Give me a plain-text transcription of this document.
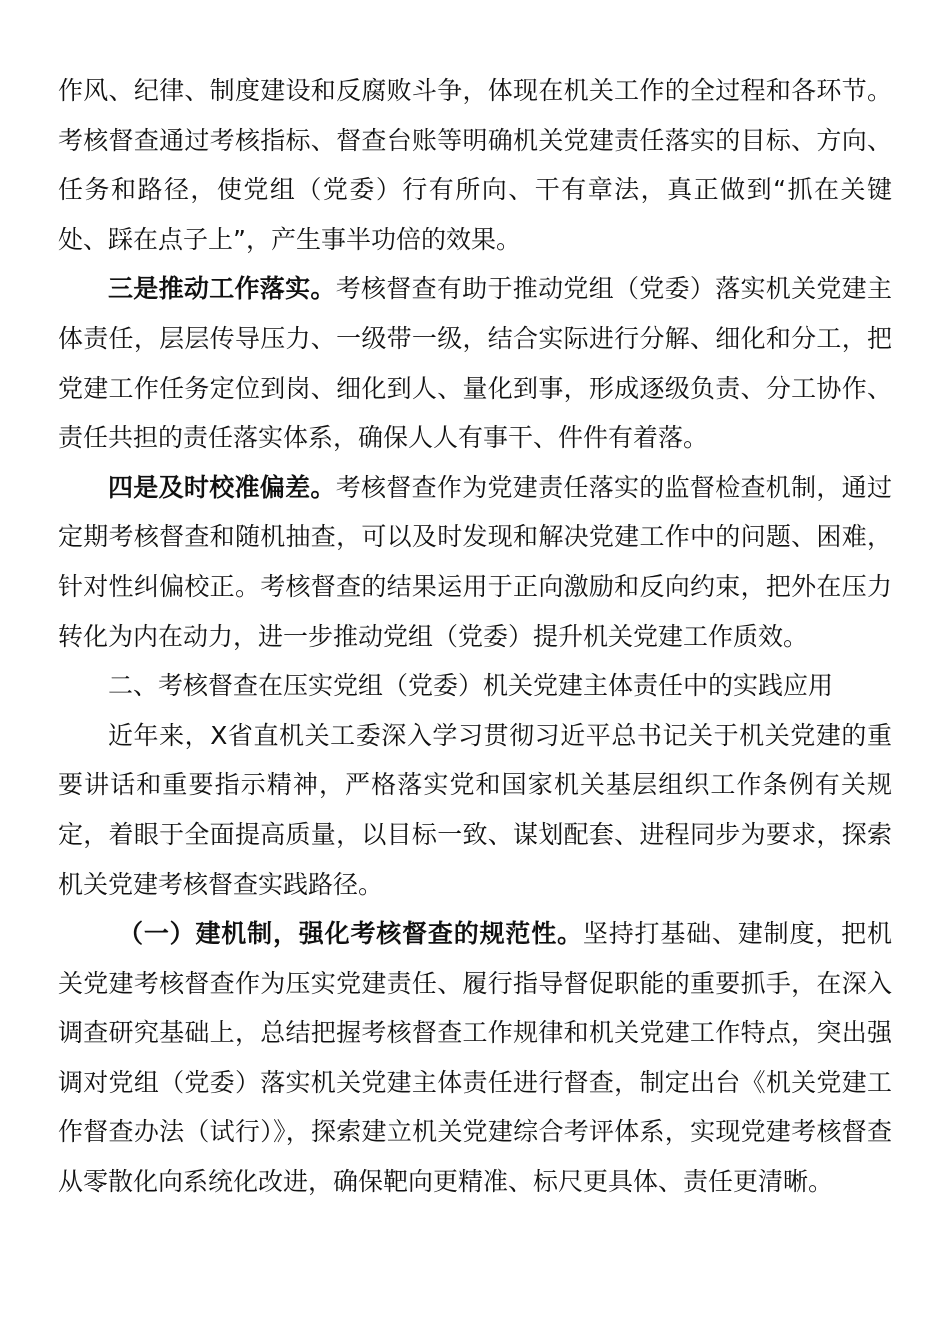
作风、纪律、制度建设和反腐败斗争，体现在机关工作的全过程和各环节。考核督查通过考核指标、督查台账等明确机关党建责任落实的目标、方向、任务和路径，使党组（党委）行有所向、干有章法，真正做到“抓在关键处、踩在点子上”，产生事半功倍的效果。

三是推动工作落实。考核督查有助于推动党组（党委）落实机关党建主体责任，层层传导压力、一级带一级，结合实际进行分解、细化和分工，把党建工作任务定位到岗、细化到人、量化到事，形成逐级负责、分工协作、责任共担的责任落实体系，确保人人有事干、件件有着落。

四是及时校准偏差。考核督查作为党建责任落实的监督检查机制，通过定期考核督查和随机抽查，可以及时发现和解决党建工作中的问题、困难，针对性纠偏校正。考核督查的结果运用于正向激励和反向约束，把外在压力转化为内在动力，进一步推动党组（党委）提升机关党建工作质效。

二、考核督查在压实党组（党委）机关党建主体责任中的实践应用

近年来，X省直机关工委深入学习贯彻习近平总书记关于机关党建的重要讲话和重要指示精神，严格落实党和国家机关基层组织工作条例有关规定，着眼于全面提高质量，以目标一致、谋划配套、进程同步为要求，探索机关党建考核督查实践路径。

（一）建机制，强化考核督查的规范性。坚持打基础、建制度，把机关党建考核督查作为压实党建责任、履行指导督促职能的重要抓手，在深入调查研究基础上，总结把握考核督查工作规律和机关党建工作特点，突出强调对党组（党委）落实机关党建主体责任进行督查，制定出台《机关党建工作督查办法（试行）》，探索建立机关党建综合考评体系，实现党建考核督查从零散化向系统化改进，确保靶向更精准、标尺更具体、责任更清晰。
